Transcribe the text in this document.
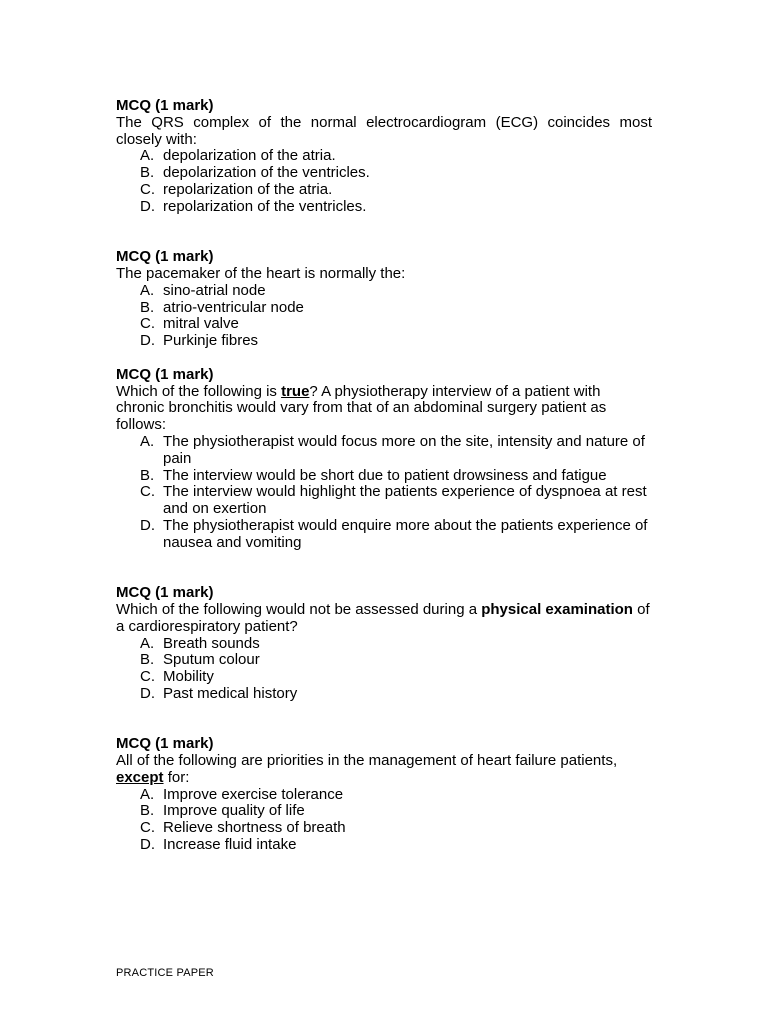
MCQ (1 mark)
The QRS complex of the normal electrocardiogram (ECG) coincides most closely with:
A. depolarization of the atria.
B. depolarization of the ventricles.
C. repolarization of the atria.
D. repolarization of the ventricles.
MCQ (1 mark)
The pacemaker of the heart is normally the:
A. sino-atrial node
B. atrio-ventricular node
C. mitral valve
D. Purkinje fibres
MCQ (1 mark)
Which of the following is true? A physiotherapy interview of a patient with chronic bronchitis would vary from that of an abdominal surgery patient as follows:
A. The physiotherapist would focus more on the site, intensity and nature of pain
B. The interview would be short due to patient drowsiness and fatigue
C. The interview would highlight the patients experience of dyspnoea at rest and on exertion
D. The physiotherapist would enquire more about the patients experience of nausea and vomiting
MCQ (1 mark)
Which of the following would not be assessed during a physical examination of a cardiorespiratory patient?
A. Breath sounds
B. Sputum colour
C. Mobility
D. Past medical history
MCQ (1 mark)
All of the following are priorities in the management of heart failure patients, except for:
A. Improve exercise tolerance
B. Improve quality of life
C. Relieve shortness of breath
D. Increase fluid intake
PRACTICE PAPER
